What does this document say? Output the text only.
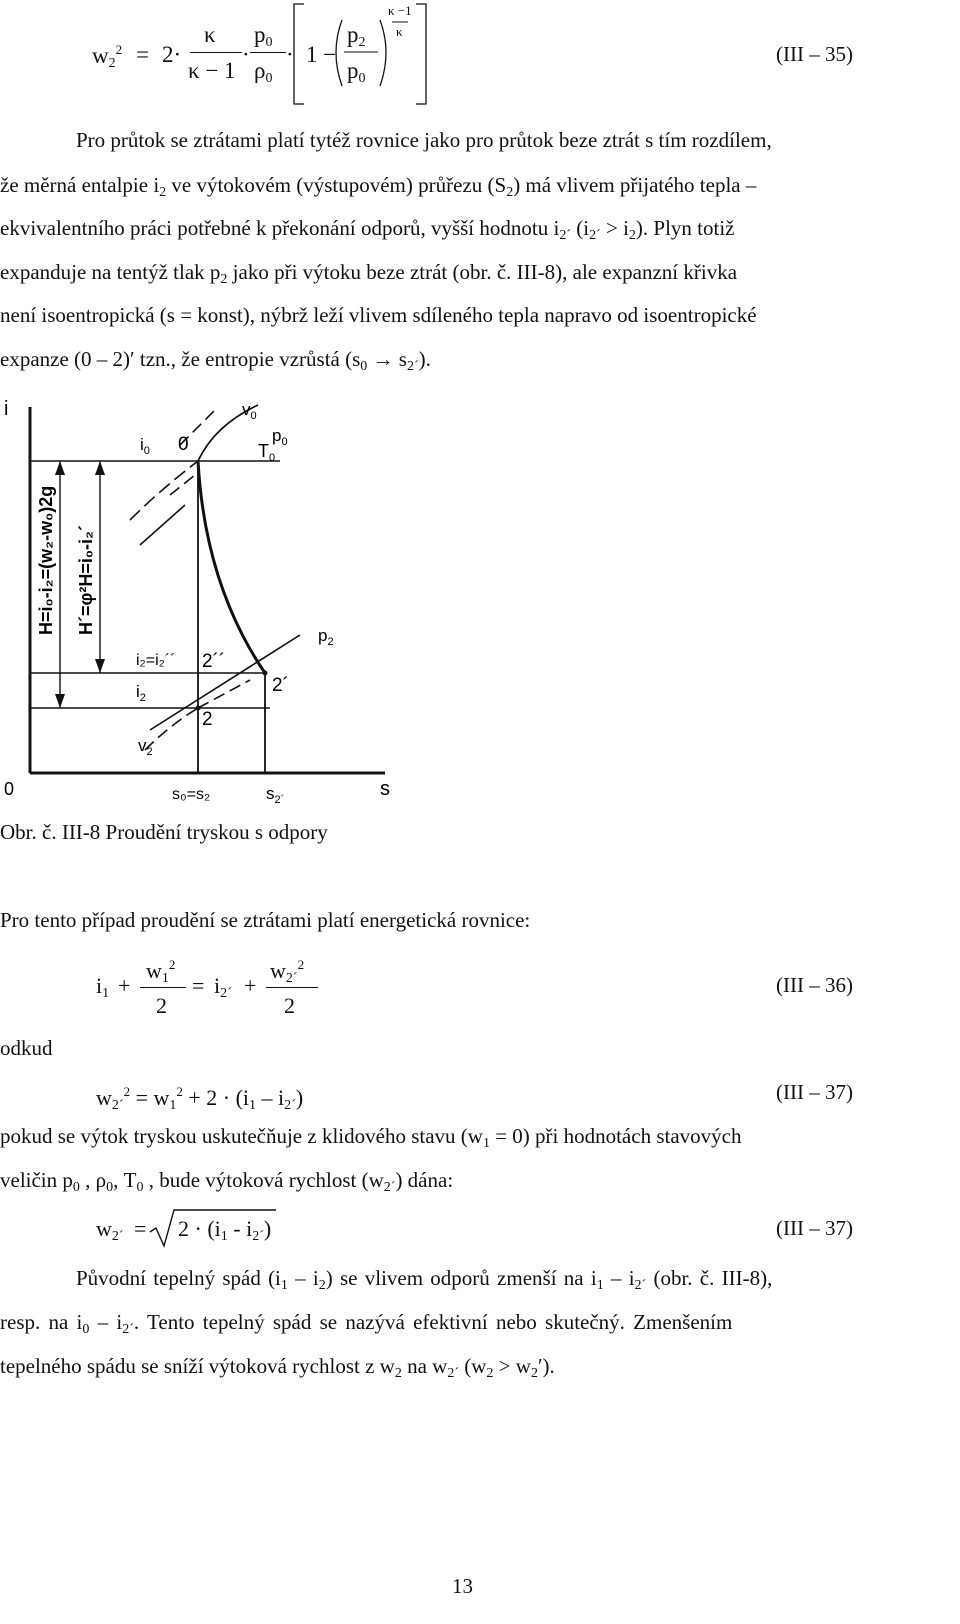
$w_2^2 = 2\cdot$
κ
κ − 1
·
$p_0$
$\rho_0$
· 1 −
$p_2$
$p_0$
κ −1
κ
(III – 35)
Pro průtok se ztrátami platí tytéž rovnice jako pro průtok beze ztrát s tím rozdílem,
že měrná entalpie $i_2$ ve výtokovém (výstupovém) průřezu $(S_2)$ má vlivem přijatého tepla –
ekvivalentního práci potřebné k překonání odporů, vyšší hodnotu $i_{2´}$ $(i_{2´} > i_2)$. Plyn totiž
expanduje na tentýž tlak $p_2$ jako při výtoku beze ztrát (obr. č. III-8), ale expanzní křivka
není isoentropická (s = konst), nýbrž leží vlivem sdíleného tepla napravo od isoentropické
expanze (0 – 2)′ tzn., že entropie vzrůstá $(s_0 \to s_{2´})$.
i
s
0
$v_0$
$p_0$
$i_0$ 0	$T_0$
H=i₀-i₂=(w₂-w₀)2g H´=φ²H=i₀-i₂´
$p_2$
i₂=i₂´´ 2´´
2´
$i_2$
2
$v_2$
s₀=s₂	$s_{2´}$
Obr. č. III-8 Proudění tryskou s odpory
Pro tento případ proudění se ztrátami platí energetická rovnice:
$i_1$ +
$w_1^2$
2
= $i_{2´}$ +
$w_{2´}^2$
2
(III – 36)
odkud
$w_{2´}^2 = w_1^2 + 2 \cdot (i_1 - i_{2´})$	(III – 37)
pokud se výtok tryskou uskutečňuje z klidového stavu $(w_1 = 0)$ při hodnotách stavových
veličin $p_0$ , $\rho_0$, $T_0$ , bude výtoková rychlost $(w_{2´})$ dána:
$w_{2´} = 2 \cdot (i_1 - i_{2´})$	(III – 37)
Původní tepelný spád $(i_1 - i_2)$ se vlivem odporů zmenší na $i_1 - i_{2´}$ (obr. č. III-8),
resp. na $i_0 - i_{2´}$. Tento tepelný spád se nazývá efektivní nebo skutečný. Zmenšením
tepelného spádu se sníží výtoková rychlost z $w_2$ na $w_{2´}$ $(w_2 > w_2')$.
13
